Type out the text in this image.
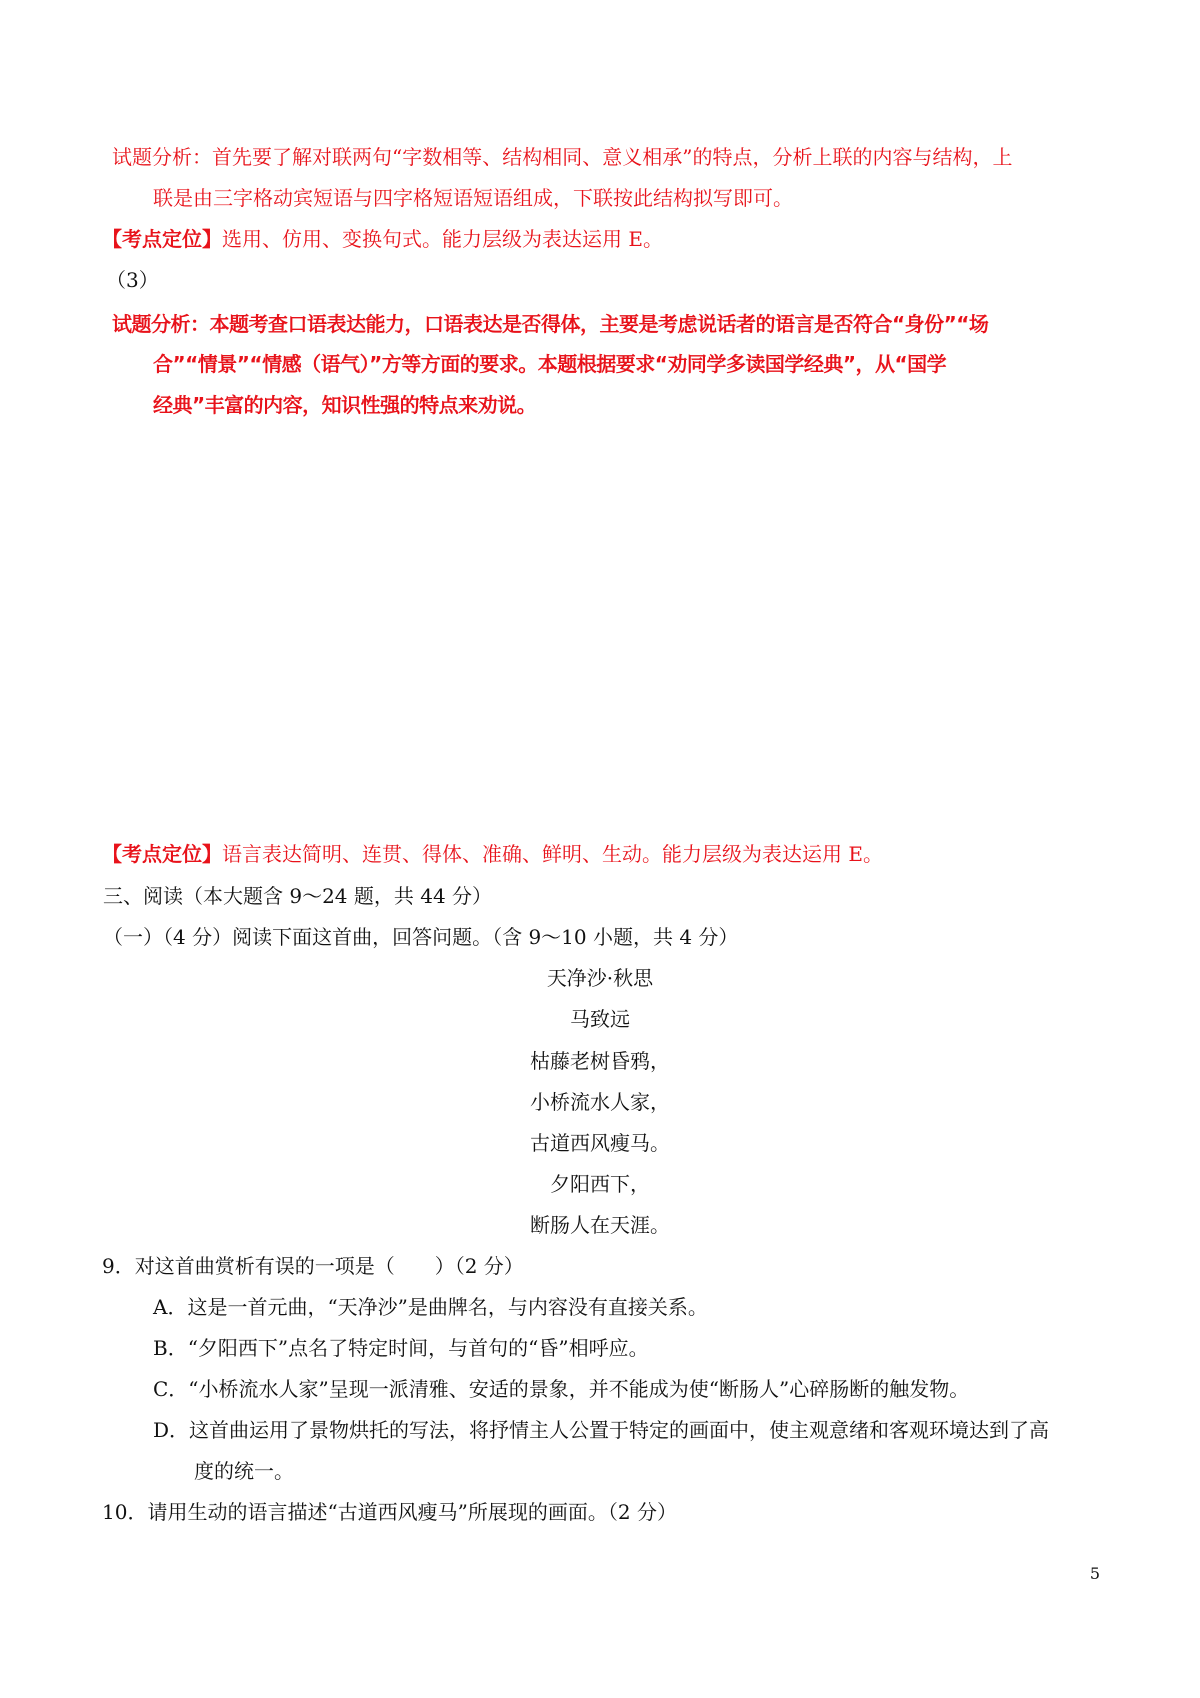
试题分析：首先要了解对联两句“字数相等、结构相同、意义相承”的特点，分析上联的内容与结构，上
联是由三字格动宾短语与四字格短语短语组成，下联按此结构拟写即可。
【考点定位】选用、仿用、变换句式。能力层级为表达运用 E。
（3）
试题分析：本题考查口语表达能力，口语表达是否得体，主要是考虑说话者的语言是否符合“身份”“场
合”“情景”“情感（语气）”方等方面的要求。本题根据要求“劝同学多读国学经典”，从“国学
经典”丰富的内容，知识性强的特点来劝说。
【考点定位】语言表达简明、连贯、得体、准确、鲜明、生动。能力层级为表达运用 E。
三、阅读（本大题含 9～24 题，共 44 分）
（一）（4 分）阅读下面这首曲，回答问题。（含 9～10 小题，共 4 分）
天净沙·秋思
马致远
枯藤老树昏鸦，
小桥流水人家，
古道西风瘦马。
夕阳西下，
断肠人在天涯。
9．对这首曲赏析有误的一项是（　　）（2 分）
A．这是一首元曲，“天净沙”是曲牌名，与内容没有直接关系。
B．“夕阳西下”点名了特定时间，与首句的“昏”相呼应。
C．“小桥流水人家”呈现一派清雅、安适的景象，并不能成为使“断肠人”心碎肠断的触发物。
D．这首曲运用了景物烘托的写法，将抒情主人公置于特定的画面中，使主观意绪和客观环境达到了高
度的统一。
10．请用生动的语言描述“古道西风瘦马”所展现的画面。（2 分）
5
